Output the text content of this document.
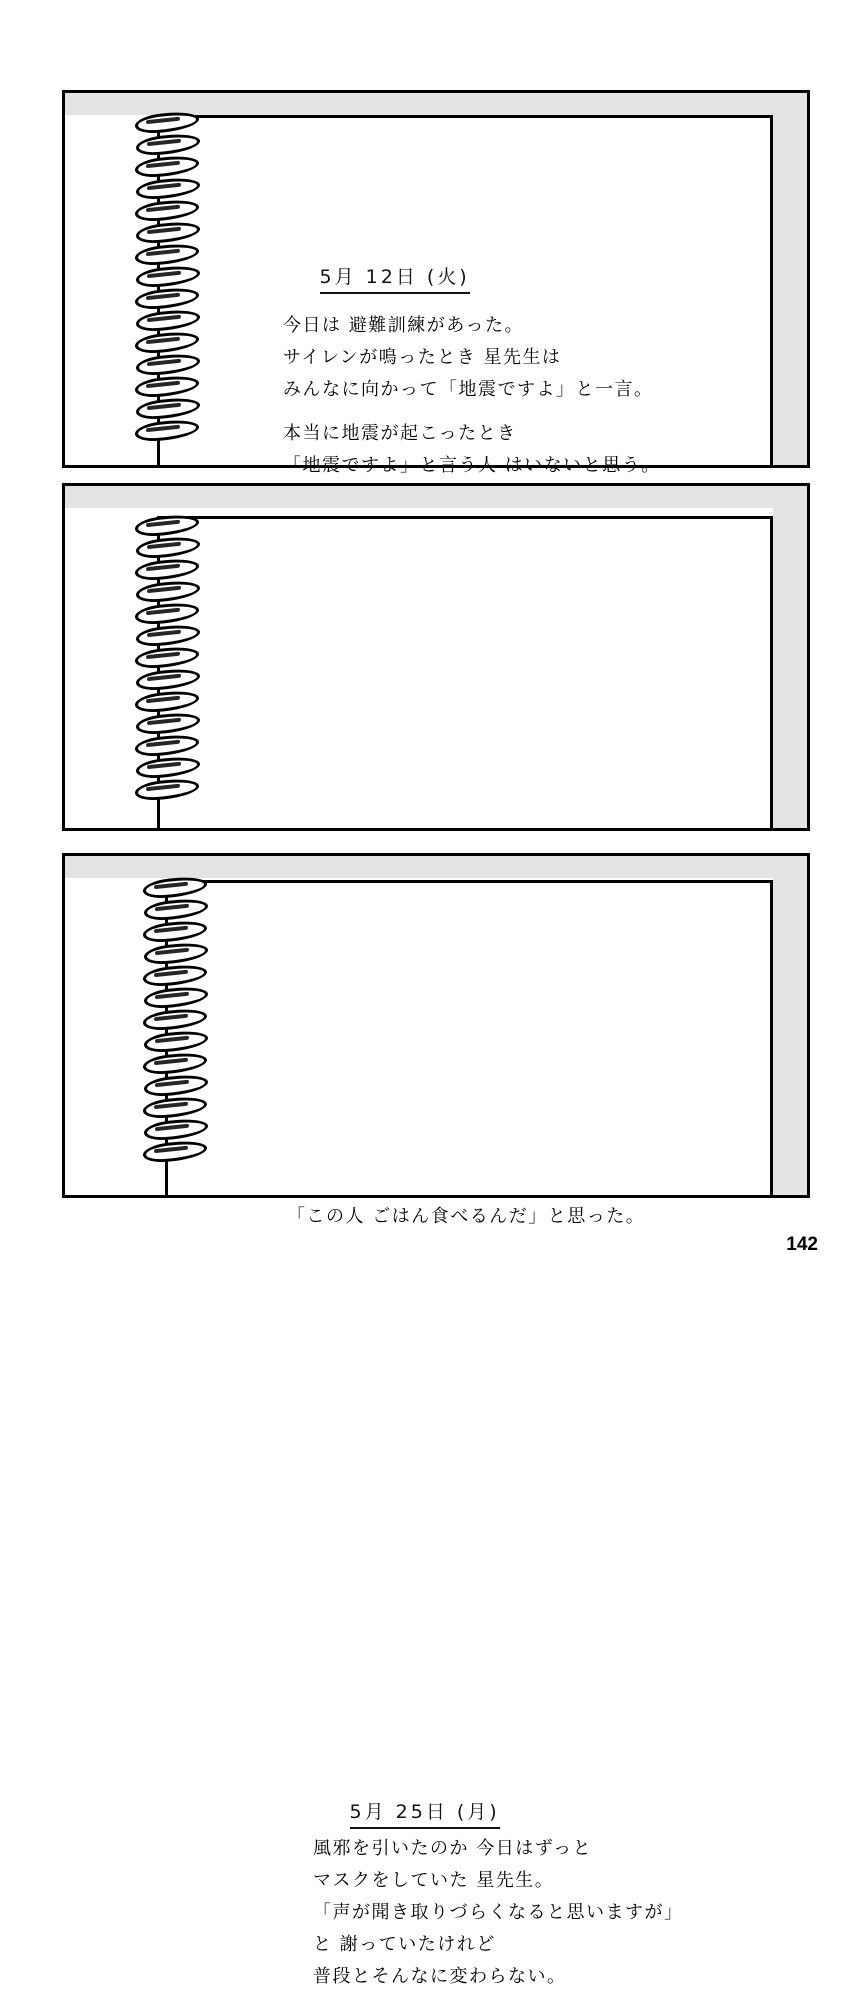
5月 12日 (火)

今日は 避難訓練があった。
サイレンが鳴ったとき 星先生は
みんなに向かって「地震ですよ」と一言。
本当に地震が起こったとき
「地震ですよ」と言う人 はいないと思う。

「この人 ごはん食べるんだ」と思った。

5月 25日 (月)

風邪を引いたのか 今日はずっと
マスクをしていた 星先生。
「声が聞き取りづらくなると思いますが」
と 謝っていたけれど
普段とそんなに変わらない。
142
